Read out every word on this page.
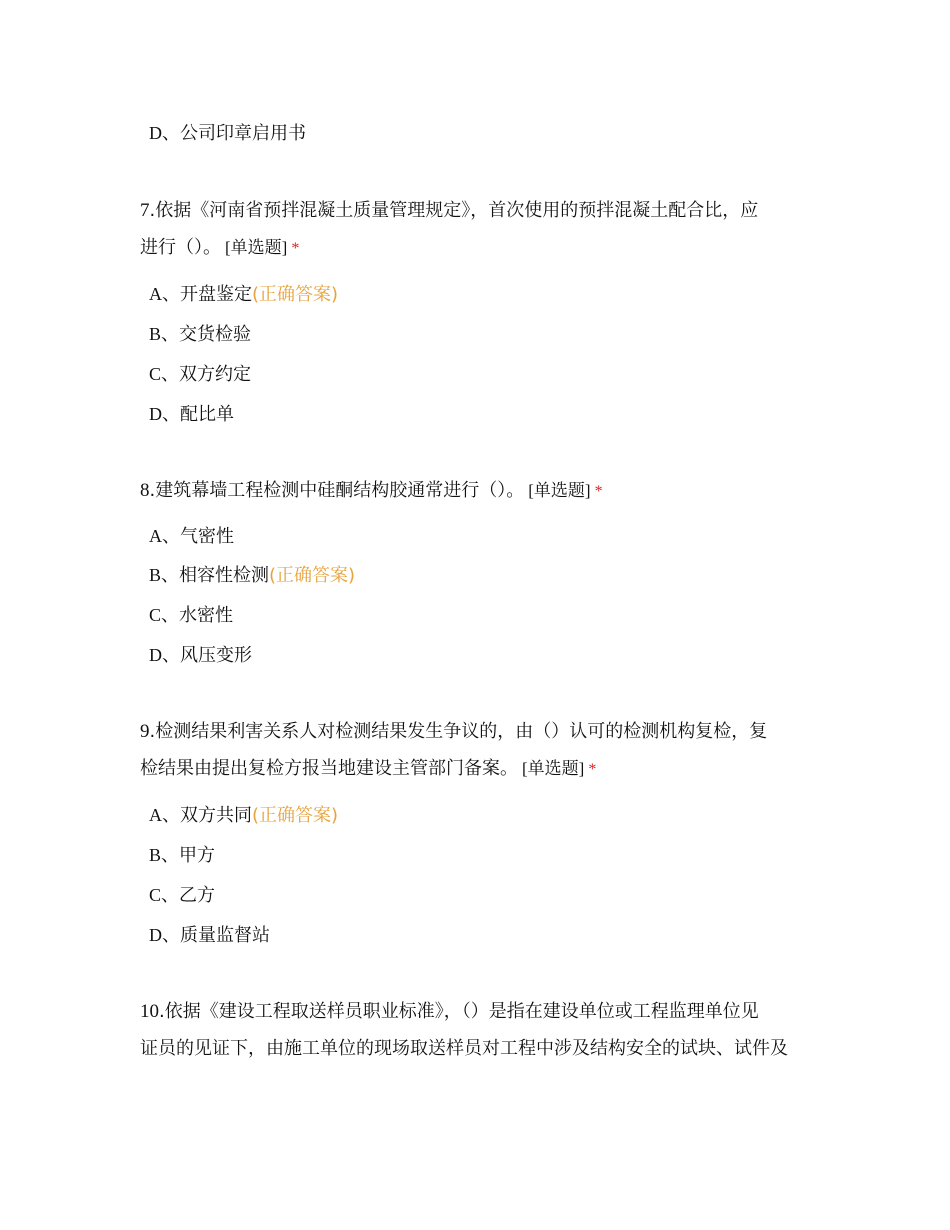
D、公司印章启用书
7.依据《河南省预拌混凝土质量管理规定》，首次使用的预拌混凝土配合比，应
进行（）。 [单选题] *
A、开盘鉴定(正确答案)
B、交货检验
C、双方约定
D、配比单
8.建筑幕墙工程检测中硅酮结构胶通常进行（）。 [单选题] *
A、气密性
B、相容性检测(正确答案)
C、水密性
D、风压变形
9.检测结果利害关系人对检测结果发生争议的，由（）认可的检测机构复检，复
检结果由提出复检方报当地建设主管部门备案。 [单选题] *
A、双方共同(正确答案)
B、甲方
C、乙方
D、质量监督站
10.依据《建设工程取送样员职业标准》，（）是指在建设单位或工程监理单位见
证员的见证下，由施工单位的现场取送样员对工程中涉及结构安全的试块、试件及
